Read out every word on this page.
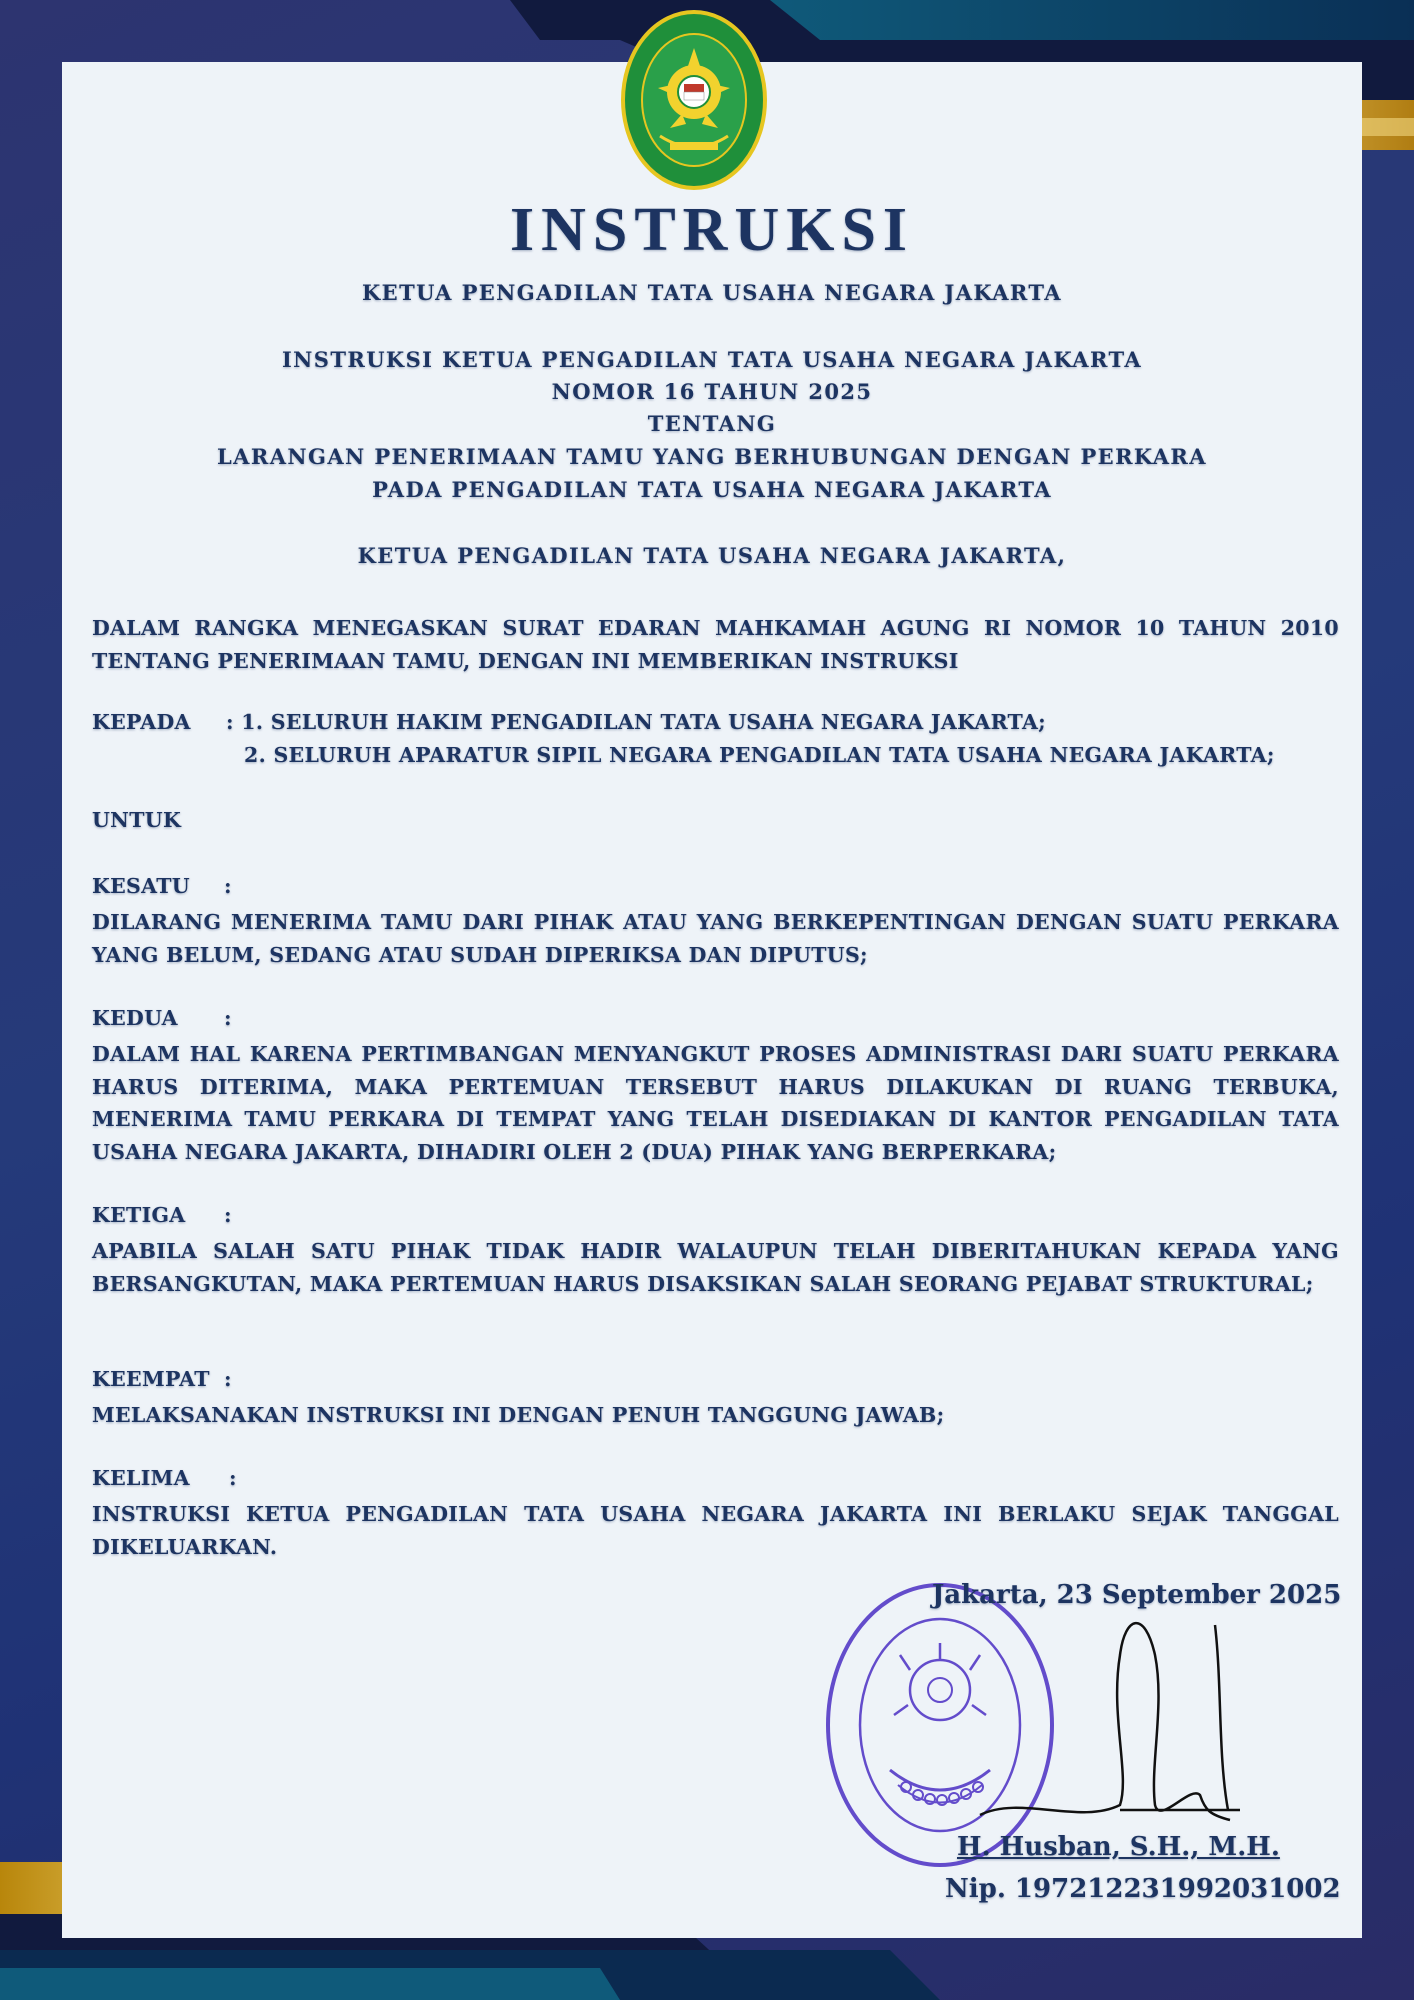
INSTRUKSI
KETUA PENGADILAN TATA USAHA NEGARA JAKARTA
INSTRUKSI KETUA PENGADILAN TATA USAHA NEGARA JAKARTA
NOMOR 16 TAHUN 2025
TENTANG
LARANGAN PENERIMAAN TAMU YANG BERHUBUNGAN DENGAN PERKARA
PADA PENGADILAN TATA USAHA NEGARA JAKARTA
KETUA PENGADILAN TATA USAHA NEGARA JAKARTA,
DALAM RANGKA MENEGASKAN SURAT EDARAN MAHKAMAH AGUNG RI NOMOR 10 TAHUN 2010 TENTANG PENERIMAAN TAMU, DENGAN INI MEMBERIKAN INSTRUKSI
KEPADA : 1. SELURUH HAKIM PENGADILAN TATA USAHA NEGARA JAKARTA;
2. SELURUH APARATUR SIPIL NEGARA PENGADILAN TATA USAHA NEGARA JAKARTA;
UNTUK
KESATU :
DILARANG MENERIMA TAMU DARI PIHAK ATAU YANG BERKEPENTINGAN DENGAN SUATU PERKARA YANG BELUM, SEDANG ATAU SUDAH DIPERIKSA DAN DIPUTUS;
KEDUA :
DALAM HAL KARENA PERTIMBANGAN MENYANGKUT PROSES ADMINISTRASI DARI SUATU PERKARA HARUS DITERIMA, MAKA PERTEMUAN TERSEBUT HARUS DILAKUKAN DI RUANG TERBUKA, MENERIMA TAMU PERKARA DI TEMPAT YANG TELAH DISEDIAKAN DI KANTOR PENGADILAN TATA USAHA NEGARA JAKARTA, DIHADIRI OLEH 2 (DUA) PIHAK YANG BERPERKARA;
KETIGA :
APABILA SALAH SATU PIHAK TIDAK HADIR WALAUPUN TELAH DIBERITAHUKAN KEPADA YANG BERSANGKUTAN, MAKA PERTEMUAN HARUS DISAKSIKAN SALAH SEORANG PEJABAT STRUKTURAL;
KEEMPAT :
MELAKSANAKAN INSTRUKSI INI DENGAN PENUH TANGGUNG JAWAB;
KELIMA :
INSTRUKSI KETUA PENGADILAN TATA USAHA NEGARA JAKARTA INI BERLAKU SEJAK TANGGAL DIKELUARKAN.
Jakarta, 23 September 2025
H. Husban, S.H., M.H.
Nip. 197212231992031002
